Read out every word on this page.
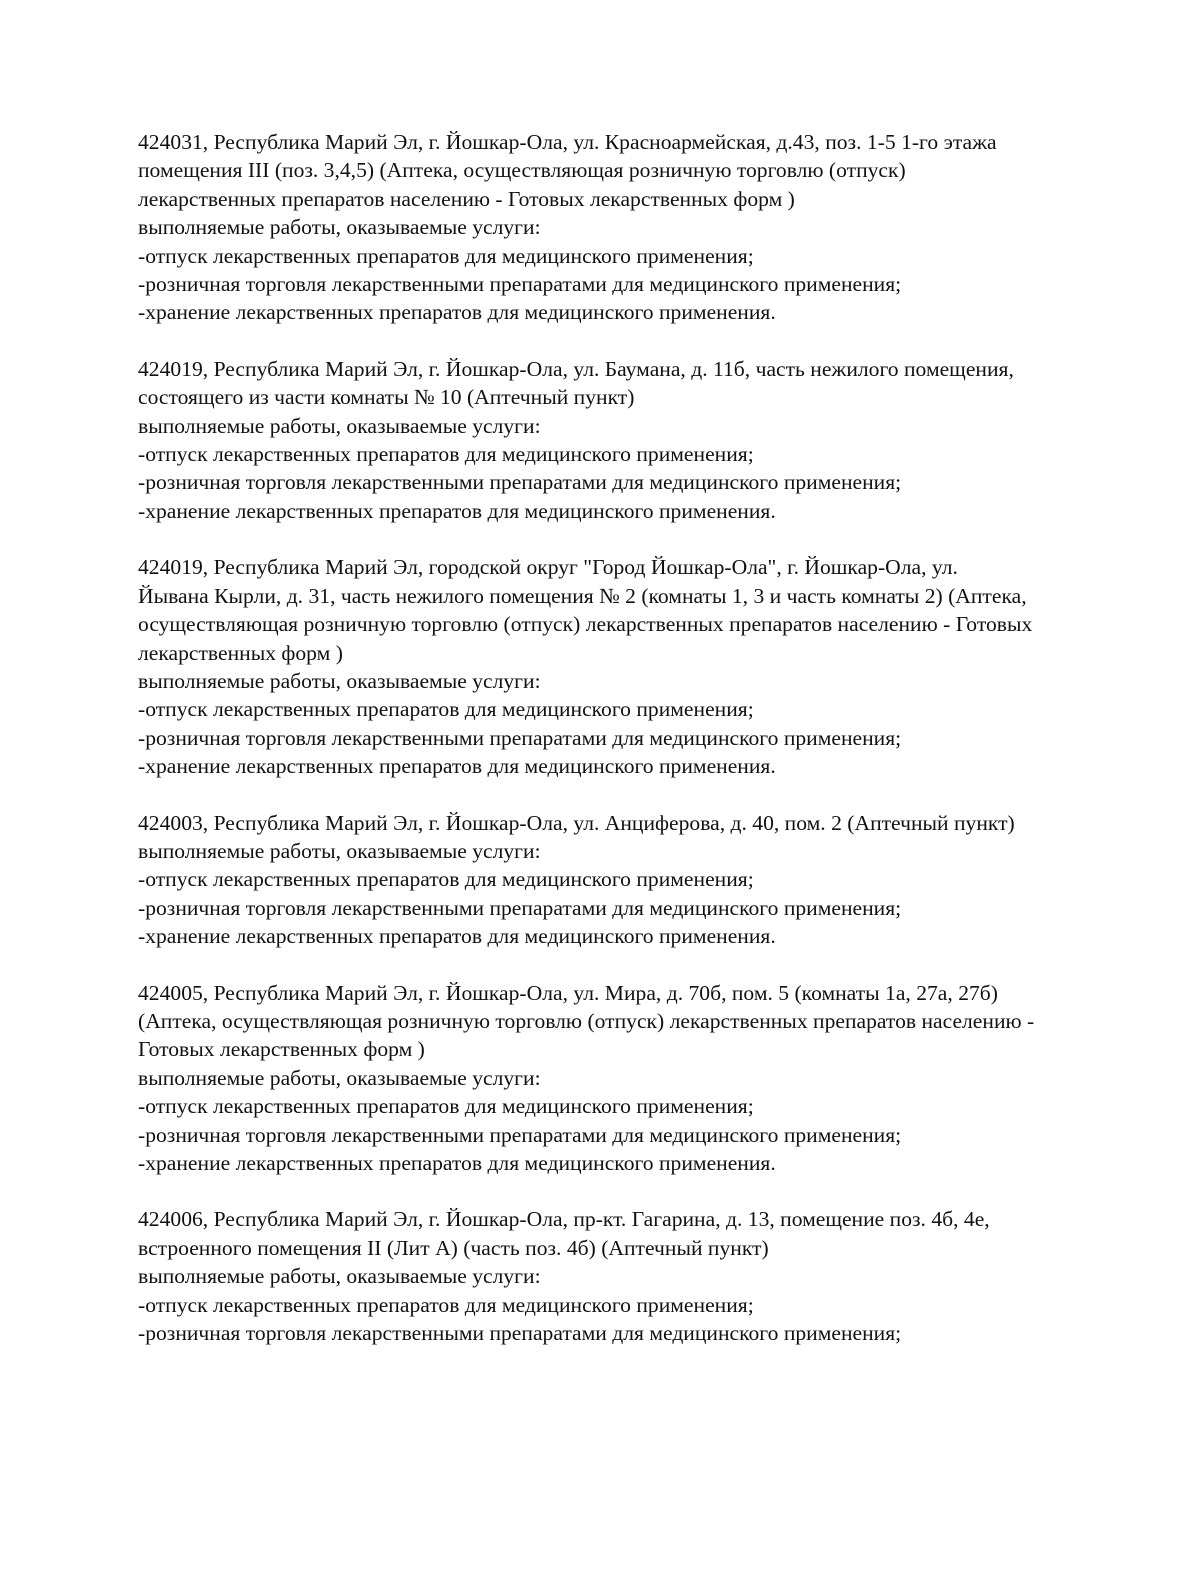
424031, Республика Марий Эл, г. Йошкар-Ола, ул. Красноармейская, д.43, поз. 1-5 1-го этажа
помещения III (поз. 3,4,5) (Аптека, осуществляющая розничную торговлю (отпуск)
лекарственных препаратов населению - Готовых лекарственных форм )
выполняемые работы, оказываемые услуги:
-отпуск лекарственных препаратов для медицинского применения;
-розничная торговля лекарственными препаратами для медицинского применения;
-хранение лекарственных препаратов для медицинского применения.
424019, Республика Марий Эл, г. Йошкар-Ола, ул. Баумана, д. 11б, часть нежилого помещения,
состоящего из части комнаты № 10 (Аптечный пункт)
выполняемые работы, оказываемые услуги:
-отпуск лекарственных препаратов для медицинского применения;
-розничная торговля лекарственными препаратами для медицинского применения;
-хранение лекарственных препаратов для медицинского применения.
424019, Республика Марий Эл, городской округ "Город Йошкар-Ола", г. Йошкар-Ола, ул.
Йывана Кырли, д. 31, часть нежилого помещения № 2 (комнаты 1, 3 и часть комнаты 2) (Аптека,
осуществляющая розничную торговлю (отпуск) лекарственных препаратов населению - Готовых
лекарственных форм )
выполняемые работы, оказываемые услуги:
-отпуск лекарственных препаратов для медицинского применения;
-розничная торговля лекарственными препаратами для медицинского применения;
-хранение лекарственных препаратов для медицинского применения.
424003, Республика Марий Эл, г. Йошкар-Ола, ул. Анциферова, д. 40, пом. 2 (Аптечный пункт)
выполняемые работы, оказываемые услуги:
-отпуск лекарственных препаратов для медицинского применения;
-розничная торговля лекарственными препаратами для медицинского применения;
-хранение лекарственных препаратов для медицинского применения.
424005, Республика Марий Эл, г. Йошкар-Ола, ул. Мира, д. 70б, пом. 5 (комнаты 1а, 27а, 27б)
(Аптека, осуществляющая розничную торговлю (отпуск) лекарственных препаратов населению -
Готовых лекарственных форм )
выполняемые работы, оказываемые услуги:
-отпуск лекарственных препаратов для медицинского применения;
-розничная торговля лекарственными препаратами для медицинского применения;
-хранение лекарственных препаратов для медицинского применения.
424006, Республика Марий Эл, г. Йошкар-Ола, пр-кт. Гагарина, д. 13, помещение поз. 4б, 4е,
встроенного помещения II (Лит А) (часть поз. 4б) (Аптечный пункт)
выполняемые работы, оказываемые услуги:
-отпуск лекарственных препаратов для медицинского применения;
-розничная торговля лекарственными препаратами для медицинского применения;
